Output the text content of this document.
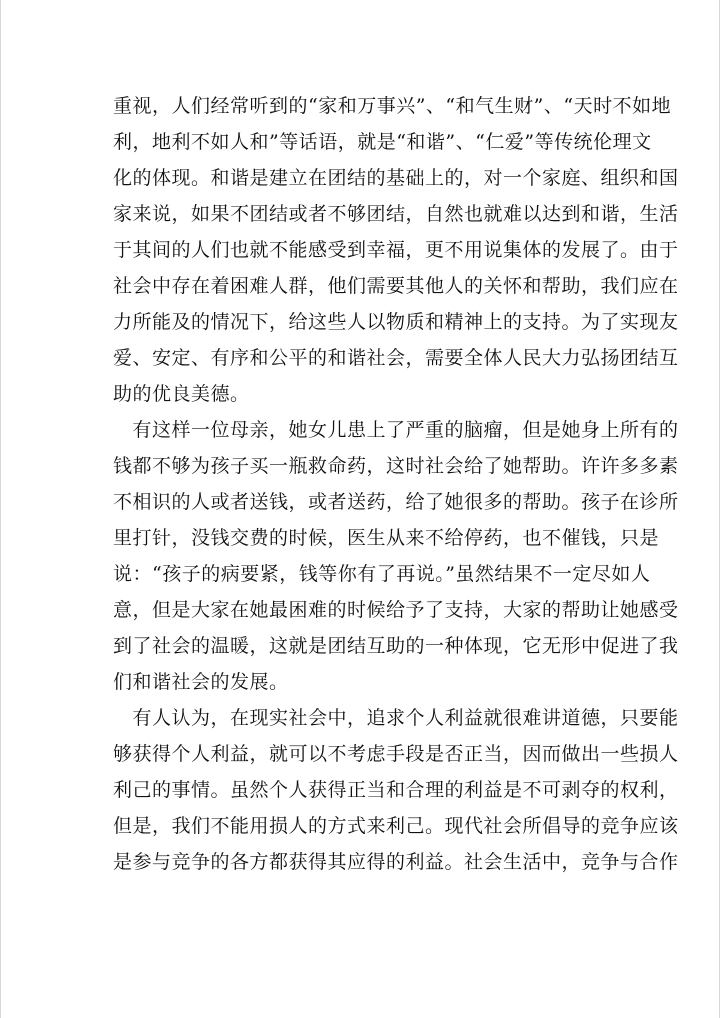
重视，人们经常听到的“家和万事兴”、“和气生财”、“天时不如地
利，地利不如人和”等话语，就是“和谐”、“仁爱”等传统伦理文
化的体现。和谐是建立在团结的基础上的，对一个家庭、组织和国
家来说，如果不团结或者不够团结，自然也就难以达到和谐，生活
于其间的人们也就不能感受到幸福，更不用说集体的发展了。由于
社会中存在着困难人群，他们需要其他人的关怀和帮助，我们应在
力所能及的情况下，给这些人以物质和精神上的支持。为了实现友
爱、安定、有序和公平的和谐社会，需要全体人民大力弘扬团结互
助的优良美德。
　有这样一位母亲，她女儿患上了严重的脑瘤，但是她身上所有的
钱都不够为孩子买一瓶救命药，这时社会给了她帮助。许许多多素
不相识的人或者送钱，或者送药，给了她很多的帮助。孩子在诊所
里打针，没钱交费的时候，医生从来不给停药，也不催钱，只是
说：“孩子的病要紧，钱等你有了再说。”虽然结果不一定尽如人
意，但是大家在她最困难的时候给予了支持，大家的帮助让她感受
到了社会的温暖，这就是团结互助的一种体现，它无形中促进了我
们和谐社会的发展。
　有人认为，在现实社会中，追求个人利益就很难讲道德，只要能
够获得个人利益，就可以不考虑手段是否正当，因而做出一些损人
利己的事情。虽然个人获得正当和合理的利益是不可剥夺的权利，
但是，我们不能用损人的方式来利己。现代社会所倡导的竞争应该
是参与竞争的各方都获得其应得的利益。社会生活中，竞争与合作
